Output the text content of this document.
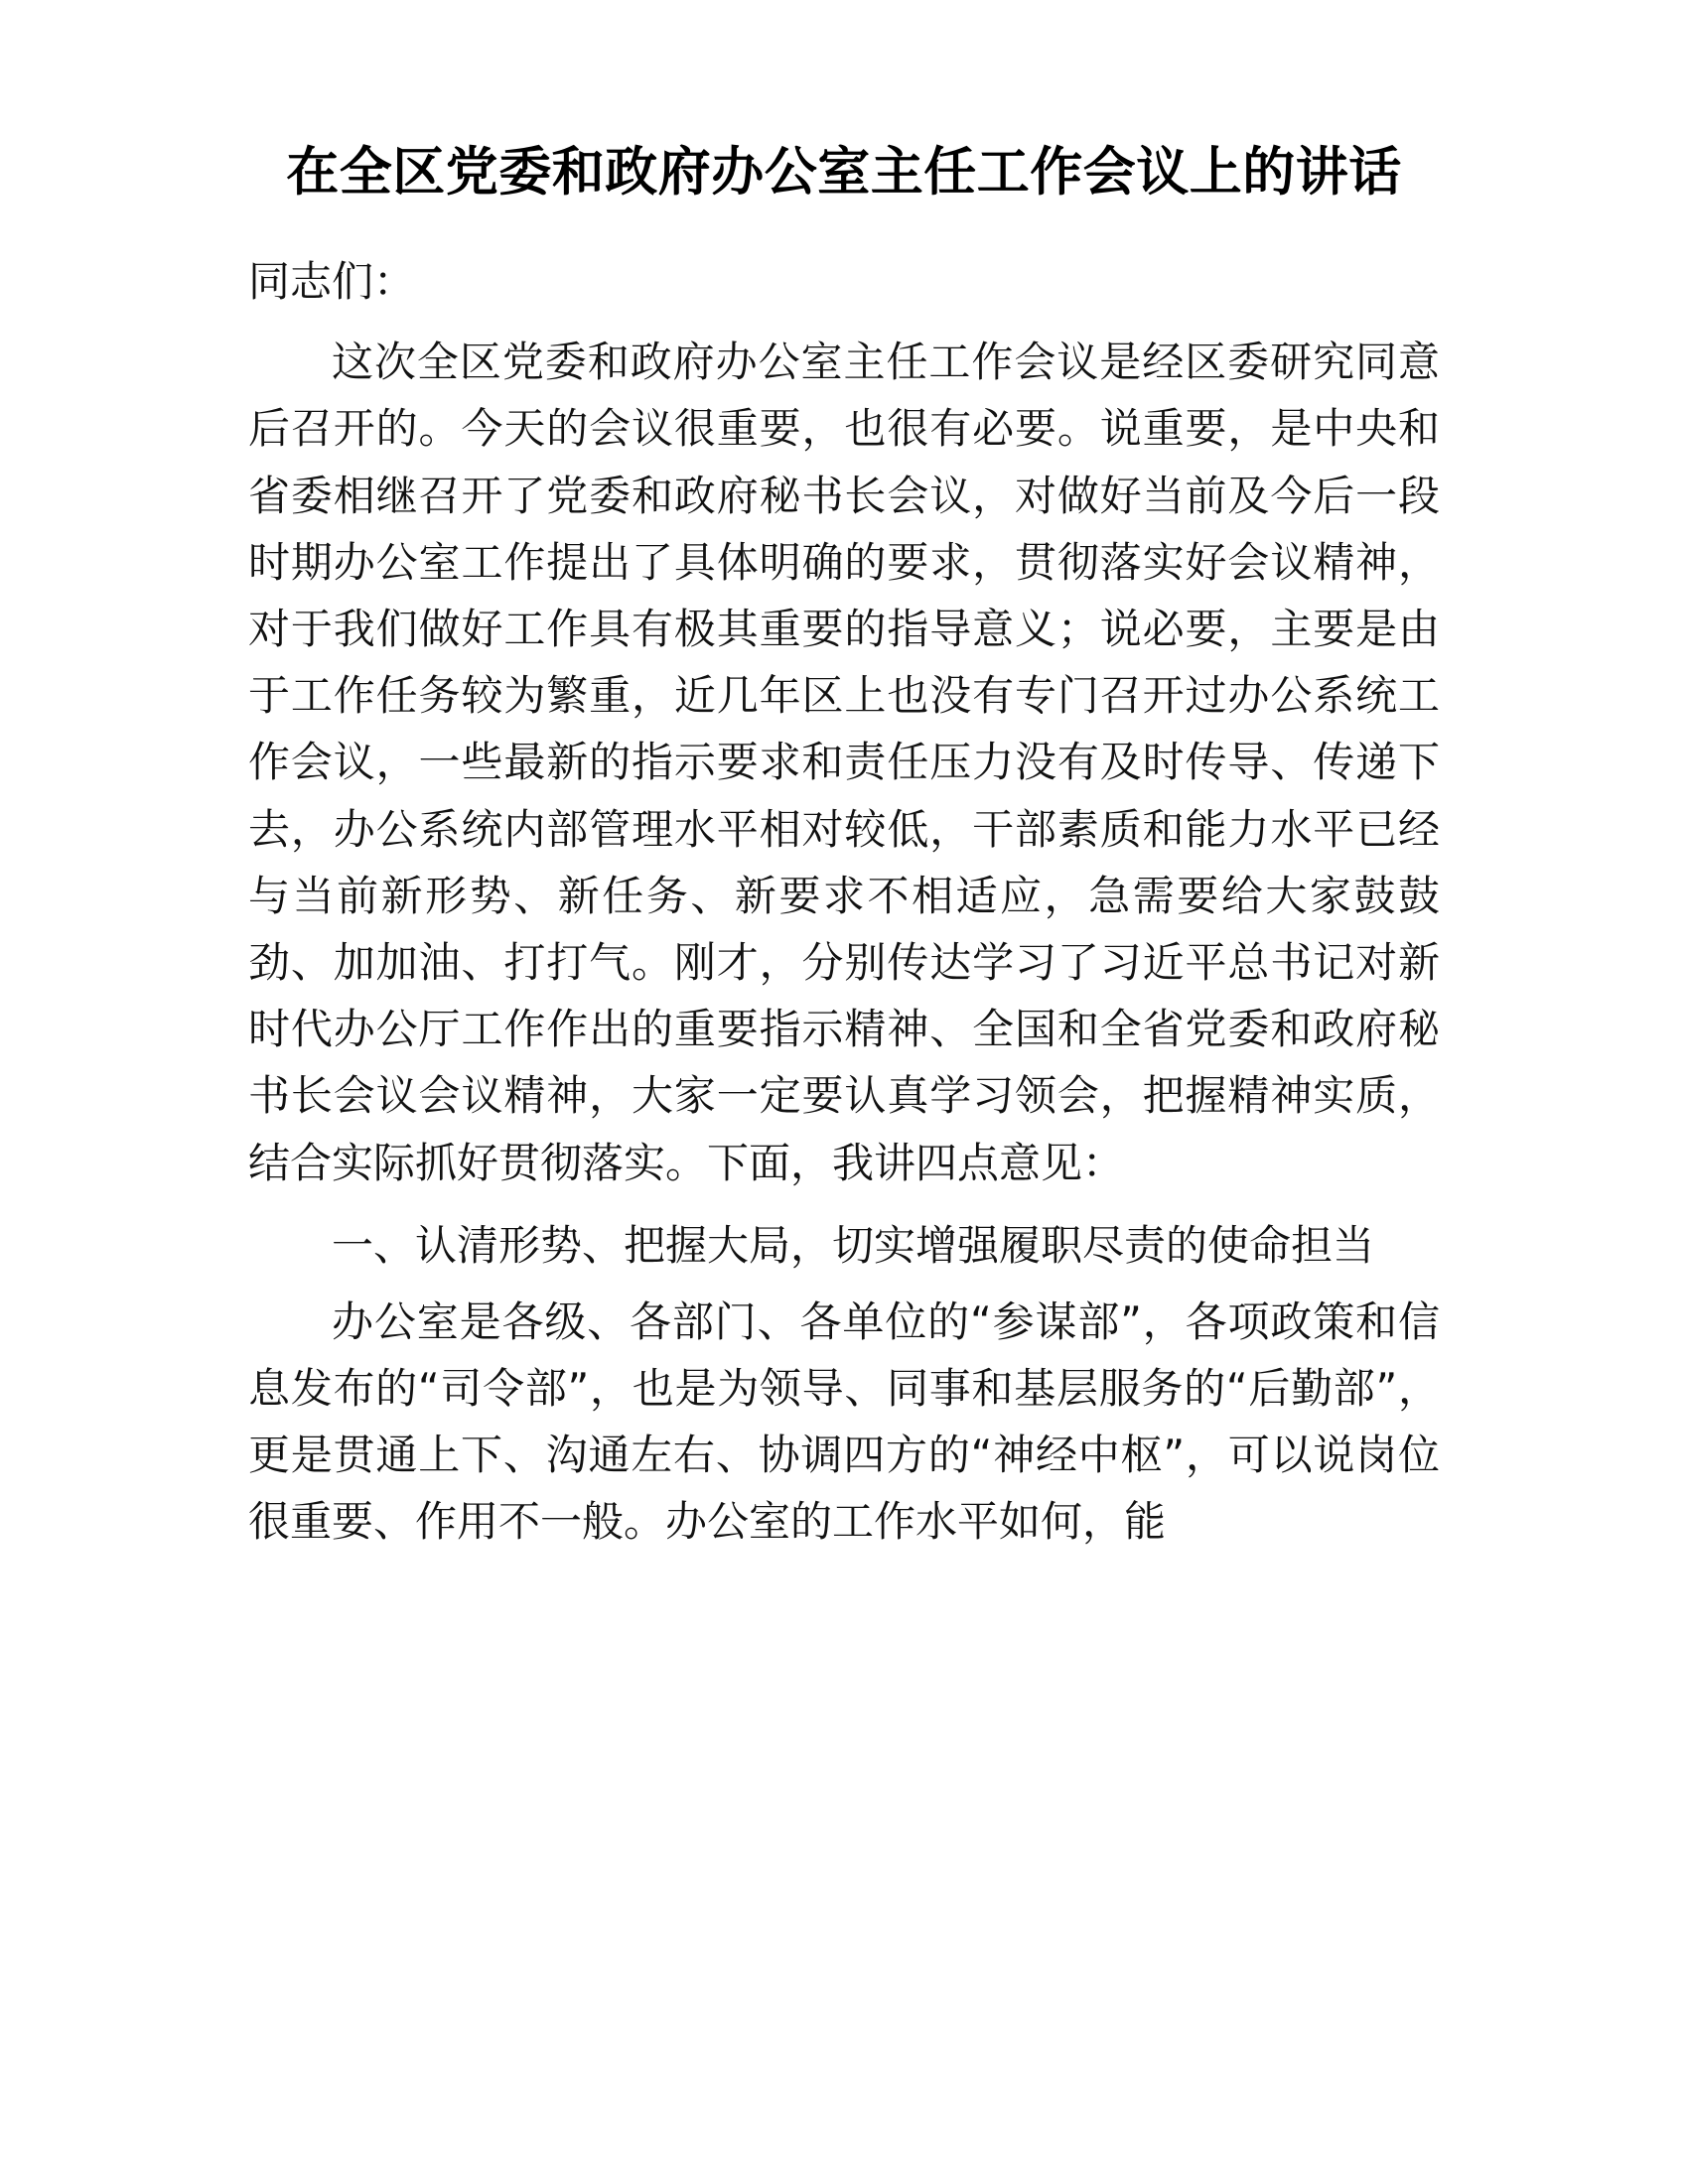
在全区党委和政府办公室主任工作会议上的讲话

同志们：

这次全区党委和政府办公室主任工作会议是经区委研究同意后召开的。今天的会议很重要，也很有必要。说重要，是中央和省委相继召开了党委和政府秘书长会议，对做好当前及今后一段时期办公室工作提出了具体明确的要求，贯彻落实好会议精神，对于我们做好工作具有极其重要的指导意义；说必要，主要是由于工作任务较为繁重，近几年区上也没有专门召开过办公系统工作会议，一些最新的指示要求和责任压力没有及时传导、传递下去，办公系统内部管理水平相对较低，干部素质和能力水平已经与当前新形势、新任务、新要求不相适应，急需要给大家鼓鼓劲、加加油、打打气。刚才，分别传达学习了习近平总书记对新时代办公厅工作作出的重要指示精神、全国和全省党委和政府秘书长会议会议精神，大家一定要认真学习领会，把握精神实质，结合实际抓好贯彻落实。下面，我讲四点意见：

一、认清形势、把握大局，切实增强履职尽责的使命担当

办公室是各级、各部门、各单位的“参谋部”，各项政策和信息发布的“司令部”，也是为领导、同事和基层服务的“后勤部”，更是贯通上下、沟通左右、协调四方的“神经中枢”，可以说岗位很重要、作用不一般。办公室的工作水平如何，能
